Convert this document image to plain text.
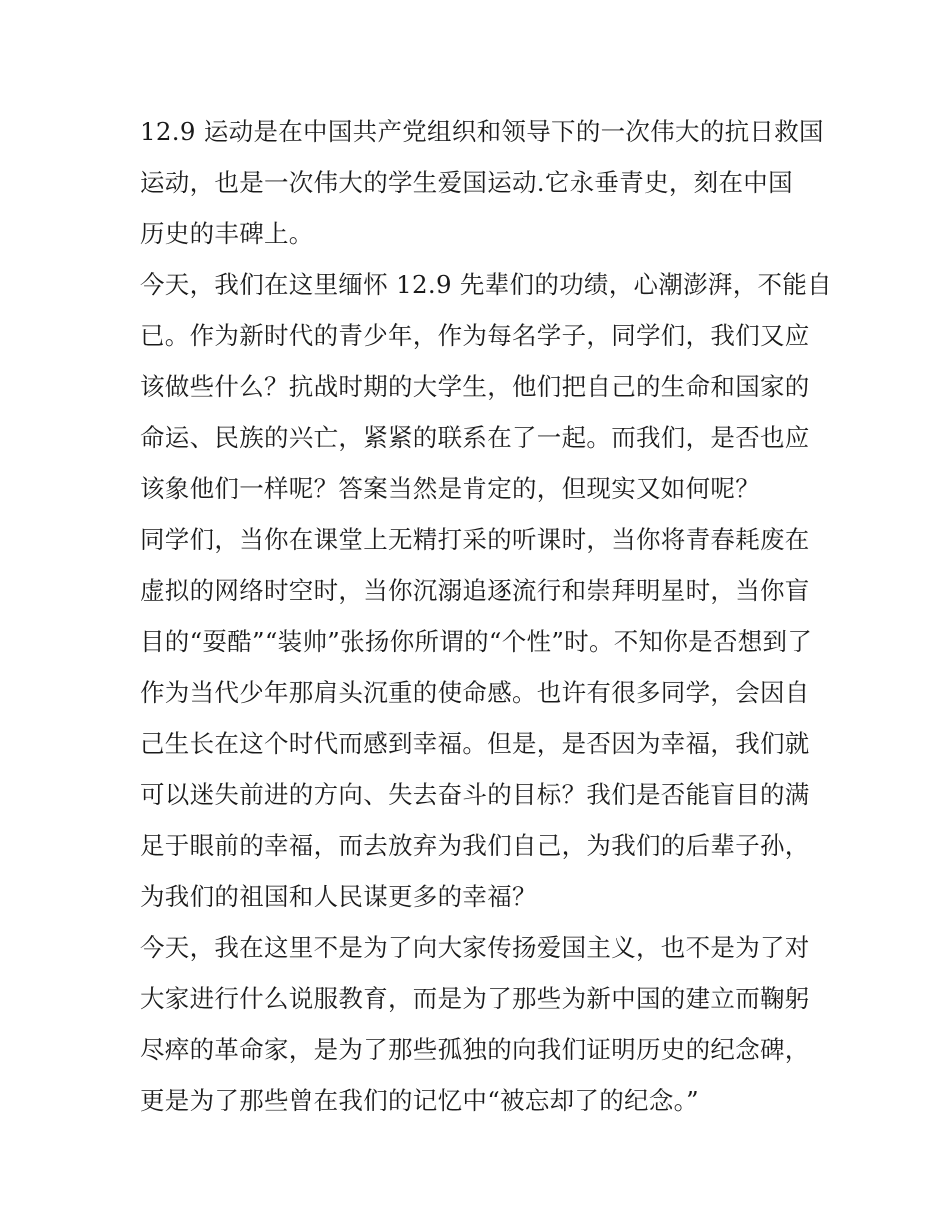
12.9 运动是在中国共产党组织和领导下的一次伟大的抗日救国
运动，也是一次伟大的学生爱国运动.它永垂青史，刻在中国
历史的丰碑上。
今天，我们在这里缅怀 12.9 先辈们的功绩，心潮澎湃，不能自
已。作为新时代的青少年，作为每名学子，同学们，我们又应
该做些什么？抗战时期的大学生，他们把自己的生命和国家的
命运、民族的兴亡，紧紧的联系在了一起。而我们，是否也应
该象他们一样呢？答案当然是肯定的，但现实又如何呢？
同学们，当你在课堂上无精打采的听课时，当你将青春耗废在
虚拟的网络时空时，当你沉溺追逐流行和崇拜明星时，当你盲
目的“耍酷”“装帅”张扬你所谓的“个性”时。不知你是否想到了
作为当代少年那肩头沉重的使命感。也许有很多同学，会因自
己生长在这个时代而感到幸福。但是，是否因为幸福，我们就
可以迷失前进的方向、失去奋斗的目标？我们是否能盲目的满
足于眼前的幸福，而去放弃为我们自己，为我们的后辈子孙，
为我们的祖国和人民谋更多的幸福？
今天，我在这里不是为了向大家传扬爱国主义，也不是为了对
大家进行什么说服教育，而是为了那些为新中国的建立而鞠躬
尽瘁的革命家，是为了那些孤独的向我们证明历史的纪念碑，
更是为了那些曾在我们的记忆中“被忘却了的纪念。”
